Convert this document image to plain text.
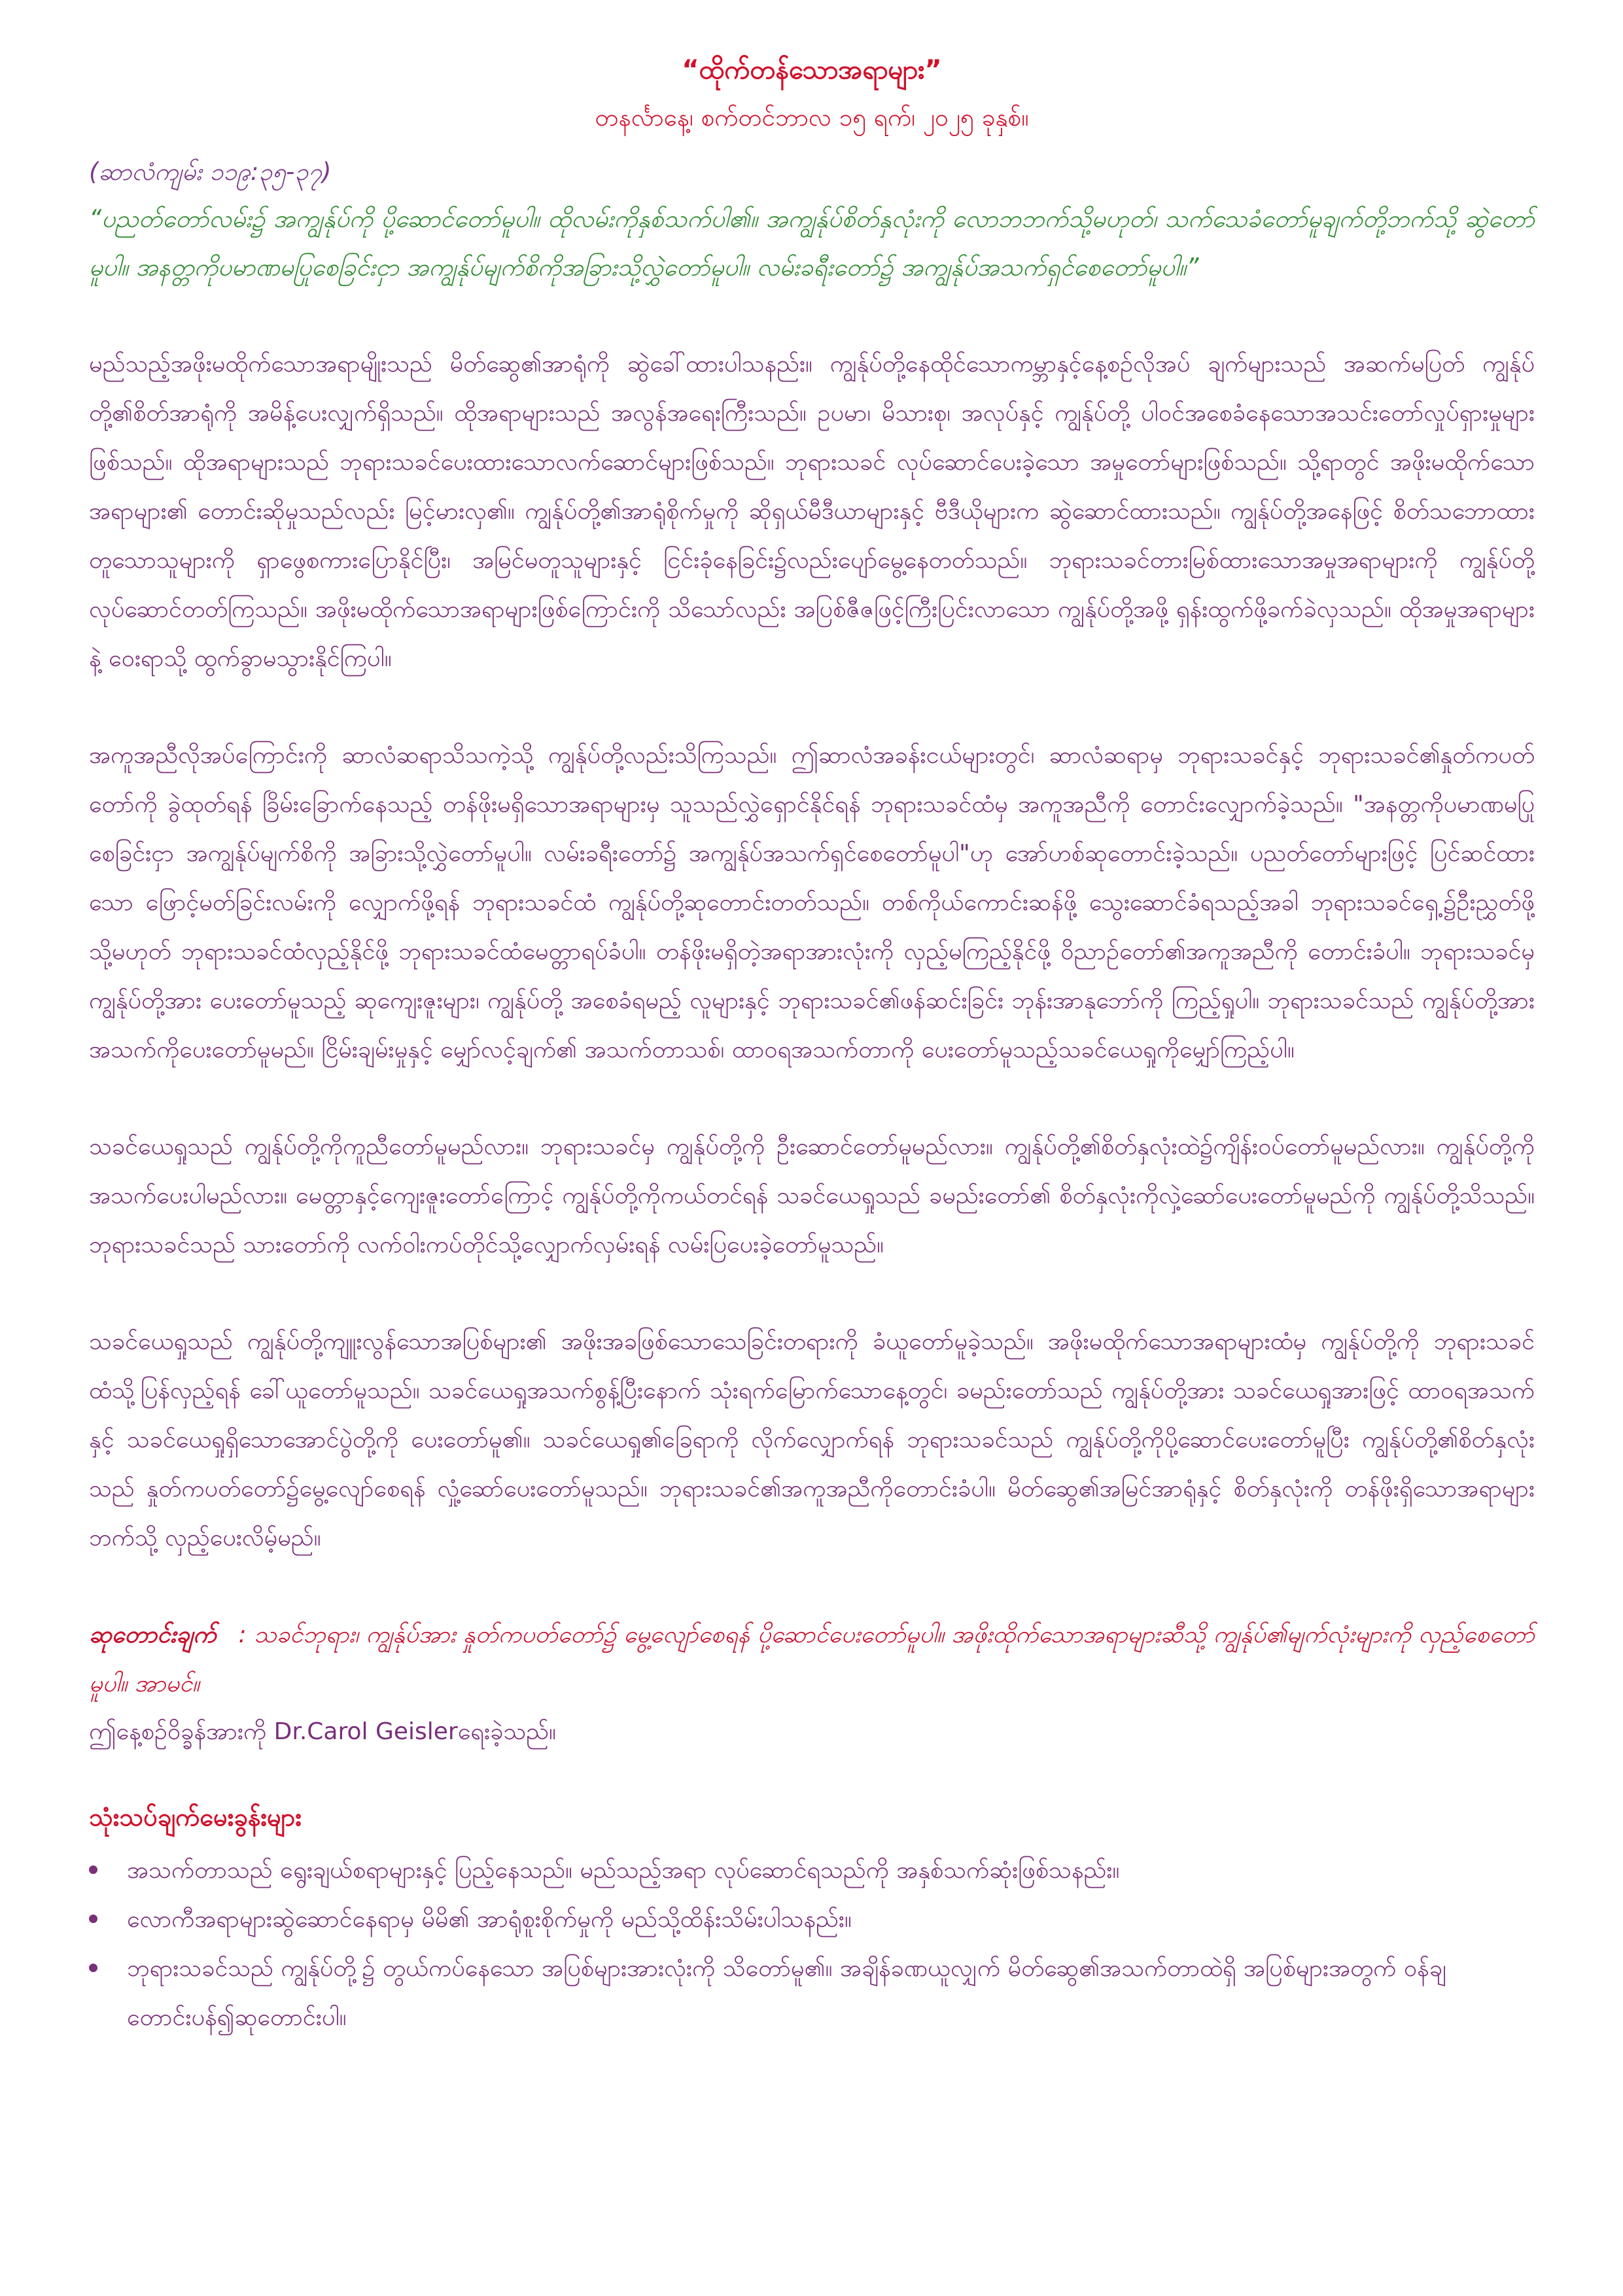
“ထိုက်တန်သောအရာများ”

တနင်္လာနေ့၊ စက်တင်ဘာလ ၁၅ ရက်၊ ၂၀၂၅ ခုနှစ်။

(ဆာလံကျမ်း ၁၁၉:၃၅-၃၇)

“ပညတ်တော်လမ်း၌ အကျွန်ုပ်ကို ပို့ဆောင်တော်မူပါ။ ထိုလမ်းကိုနှစ်သက်ပါ၏။ အကျွန်ုပ်စိတ်နှလုံးကို လောဘဘက်သို့မဟုတ်၊ သက်သေခံတော်မူချက်တို့ဘက်သို့ ဆွဲတော်မူပါ။ အနတ္တကိုပမာဏမပြုစေခြင်းငှာ အကျွန်ုပ်မျက်စိကိုအခြားသို့လွှဲတော်မူပါ။ လမ်းခရီးတော်၌ အကျွန်ုပ်အသက်ရှင်စေတော်မူပါ။”

မည်သည့်အဖိုးမထိုက်သောအရာမျိုးသည် မိတ်ဆွေ၏အာရုံကို ဆွဲခေါ်ထားပါသနည်း။ ကျွန်ုပ်တို့နေထိုင်သောကမ္ဘာနှင့်နေ့စဉ်လိုအပ် ချက်များသည် အဆက်မပြတ် ကျွန်ုပ်တို့၏စိတ်အာရုံကို အမိန့်ပေးလျှက်ရှိသည်။ ထိုအရာများသည် အလွန်အရေးကြီးသည်။ ဥပမာ၊ မိသားစု၊ အလုပ်နှင့် ကျွန်ုပ်တို့ ပါဝင်အစေခံနေသောအသင်းတော်လှုပ်ရှားမှုများဖြစ်သည်။ ထိုအရာများသည် ဘုရားသခင်ပေးထားသောလက်ဆောင်များဖြစ်သည်။ ဘုရားသခင် လုပ်ဆောင်ပေးခဲ့သော အမှုတော်များဖြစ်သည်။ သို့ရာတွင် အဖိုးမထိုက်သော အရာများ၏ တောင်းဆိုမှုသည်လည်း မြင့်မားလှ၏။ ကျွန်ုပ်တို့၏အာရုံစိုက်မှုကို ဆိုရှယ်မီဒီယာများနှင့် ဗီဒီယိုများက ဆွဲဆောင်ထားသည်။ ကျွန်ုပ်တို့အနေဖြင့် စိတ်သဘောထားတူသောသူများကို ရှာဖွေစကားပြောနိုင်ပြီး၊ အမြင်မတူသူများနှင့် ငြင်းခုံနေခြင်း၌လည်းပျော်မွေ့နေတတ်သည်။ ဘုရားသခင်တားမြစ်ထားသောအမှုအရာများကို ကျွန်ုပ်တို့ လုပ်ဆောင်တတ်ကြသည်။ အဖိုးမထိုက်သောအရာများဖြစ်ကြောင်းကို သိသော်လည်း အပြစ်ဇီဇဖြင့်ကြီးပြင်းလာသော ကျွန်ုပ်တို့အဖို့ ရှန်းထွက်ဖို့ခက်ခဲလှသည်။ ထိုအမှုအရာများနဲ့ ဝေးရာသို့ ထွက်ခွာမသွားနိုင်ကြပါ။

အကူအညီလိုအပ်ကြောင်းကို ဆာလံဆရာသိသကဲ့သို့ ကျွန်ုပ်တို့လည်းသိကြသည်။ ဤဆာလံအခန်းငယ်များတွင်၊ ဆာလံဆရာမှ ဘုရားသခင်နှင့် ဘုရားသခင်၏နှုတ်ကပတ်တော်ကို ခွဲထုတ်ရန် ခြိမ်းခြောက်နေသည့် တန်ဖိုးမရှိသောအရာများမှ သူသည်လွှဲရှောင်နိုင်ရန် ဘုရားသခင်ထံမှ အကူအညီကို တောင်းလျှောက်ခဲ့သည်။ "အနတ္တကိုပမာဏမပြုစေခြင်းငှာ အကျွန်ုပ်မျက်စိကို အခြားသို့လွှဲတော်မူပါ။ လမ်းခရီးတော်၌ အကျွန်ုပ်အသက်ရှင်စေတော်မူပါ"ဟု အော်ဟစ်ဆုတောင်းခဲ့သည်။ ပညတ်တော်များဖြင့် ပြင်ဆင်ထားသော ဖြောင့်မတ်ခြင်းလမ်းကို လျှောက်ဖို့ရန် ဘုရားသခင်ထံ ကျွန်ုပ်တို့ဆုတောင်းတတ်သည်။ တစ်ကိုယ်ကောင်းဆန်ဖို့ သွေးဆောင်ခံရသည့်အခါ ဘုရားသခင်ရှေ့၌ဦးညွှတ်ဖို့ သို့မဟုတ် ဘုရားသခင်ထံလှည့်နိုင်ဖို့ ဘုရားသခင်ထံမေတ္တာရပ်ခံပါ။ တန်ဖိုးမရှိတဲ့အရာအားလုံးကို လှည့်မကြည့်နိုင်ဖို့ ဝိညာဉ်တော်၏အကူအညီကို တောင်းခံပါ။ ဘုရားသခင်မှ ကျွန်ုပ်တို့အား ပေးတော်မူသည့် ဆုကျေးဇူးများ၊ ကျွန်ုပ်တို့ အစေခံရမည့် လူများနှင့် ဘုရားသခင်၏ဖန်ဆင်းခြင်း ဘုန်းအာနုဘော်ကို ကြည့်ရှုပါ။ ဘုရားသခင်သည် ကျွန်ုပ်တို့အား အသက်ကိုပေးတော်မူမည်။ ငြိမ်းချမ်းမှုနှင့် မျှော်လင့်ချက်၏ အသက်တာသစ်၊ ထာဝရအသက်တာကို ပေးတော်မူသည့်သခင်ယေရှုကိုမျှော်ကြည့်ပါ။

သခင်ယေရှုသည် ကျွန်ုပ်တို့ကိုကူညီတော်မူမည်လား။ ဘုရားသခင်မှ ကျွန်ုပ်တို့ကို ဦးဆောင်တော်မူမည်လား။ ကျွန်ုပ်တို့၏စိတ်နှလုံးထဲ၌ကျိန်းဝပ်တော်မူမည်လား။ ကျွန်ုပ်တို့ကို အသက်ပေးပါမည်လား။ မေတ္တာနှင့်ကျေးဇူးတော်ကြောင့် ကျွန်ုပ်တို့ကိုကယ်တင်ရန် သခင်ယေရှုသည် ခမည်းတော်၏ စိတ်နှလုံးကိုလှဲ့ဆော်ပေးတော်မူမည်ကို ကျွန်ုပ်တို့သိသည်။ ဘုရားသခင်သည် သားတော်ကို လက်ဝါးကပ်တိုင်သို့လျှောက်လှမ်းရန် လမ်းပြပေးခဲ့တော်မူသည်။

သခင်ယေရှုသည် ကျွန်ုပ်တို့ကျူးလွန်သောအပြစ်များ၏ အဖိုးအခဖြစ်သောသေခြင်းတရားကို ခံယူတော်မူခဲ့သည်။ အဖိုးမထိုက်သောအရာများထံမှ ကျွန်ုပ်တို့ကို ဘုရားသခင်ထံသို့ပြန်လှည့်ရန် ခေါ်ယူတော်မူသည်။ သခင်ယေရှုအသက်စွန့်ပြီးနောက် သုံးရက်မြောက်သောနေ့တွင်၊ ခမည်းတော်သည် ကျွန်ုပ်တို့အား သခင်ယေရှုအားဖြင့် ထာဝရအသက်နှင့် သခင်ယေရှုရှိသောအောင်ပွဲတို့ကို ပေးတော်မူ၏။ သခင်ယေရှု၏ခြေရာကို လိုက်လျှောက်ရန် ဘုရားသခင်သည် ကျွန်ုပ်တို့ကိုပို့ဆောင်ပေးတော်မူပြီး ကျွန်ုပ်တို့၏စိတ်နှလုံးသည် နှုတ်ကပတ်တော်၌မွေ့လျော်စေရန် လှုံ့ဆော်ပေးတော်မူသည်။ ဘုရားသခင်၏အကူအညီကိုတောင်းခံပါ။ မိတ်ဆွေ၏အမြင်အာရုံနှင့် စိတ်နှလုံးကို တန်ဖိုးရှိသောအရာများဘက်သို့ လှည့်ပေးလိမ့်မည်။

ဆုတောင်းချက် : သခင်ဘုရား၊ ကျွန်ုပ်အား နှုတ်ကပတ်တော်၌ မွေ့လျော်စေရန် ပို့ဆောင်ပေးတော်မူပါ။ အဖိုးထိုက်သောအရာများဆီသို့ ကျွန်ုပ်၏မျက်လုံးများကို လှည့်စေတော်မူပါ။ အာမင်။

ဤနေ့စဥ်ဝိခ္ခန်အားကို Dr.Carol Geislerရေးခဲ့သည်။

သုံးသပ်ချက်မေးခွန်းများ
အသက်တာသည် ရွေးချယ်စရာများနှင့် ပြည့်နေသည်။ မည်သည့်အရာ လုပ်ဆောင်ရသည်ကို အနှစ်သက်ဆုံးဖြစ်သနည်း။
လောကီအရာများဆွဲဆောင်နေရာမှ မိမိ၏ အာရုံစူးစိုက်မှုကို မည်သို့ထိန်းသိမ်းပါသနည်း။
ဘုရားသခင်သည် ကျွန်ုပ်တို့၌ တွယ်ကပ်နေသော အပြစ်များအားလုံးကို သိတော်မူ၏။ အချိန်ခဏယူလျှက် မိတ်ဆွေ၏အသက်တာထဲရှိ အပြစ်များအတွက် ဝန်ချတောင်းပန်၍ဆုတောင်းပါ။
